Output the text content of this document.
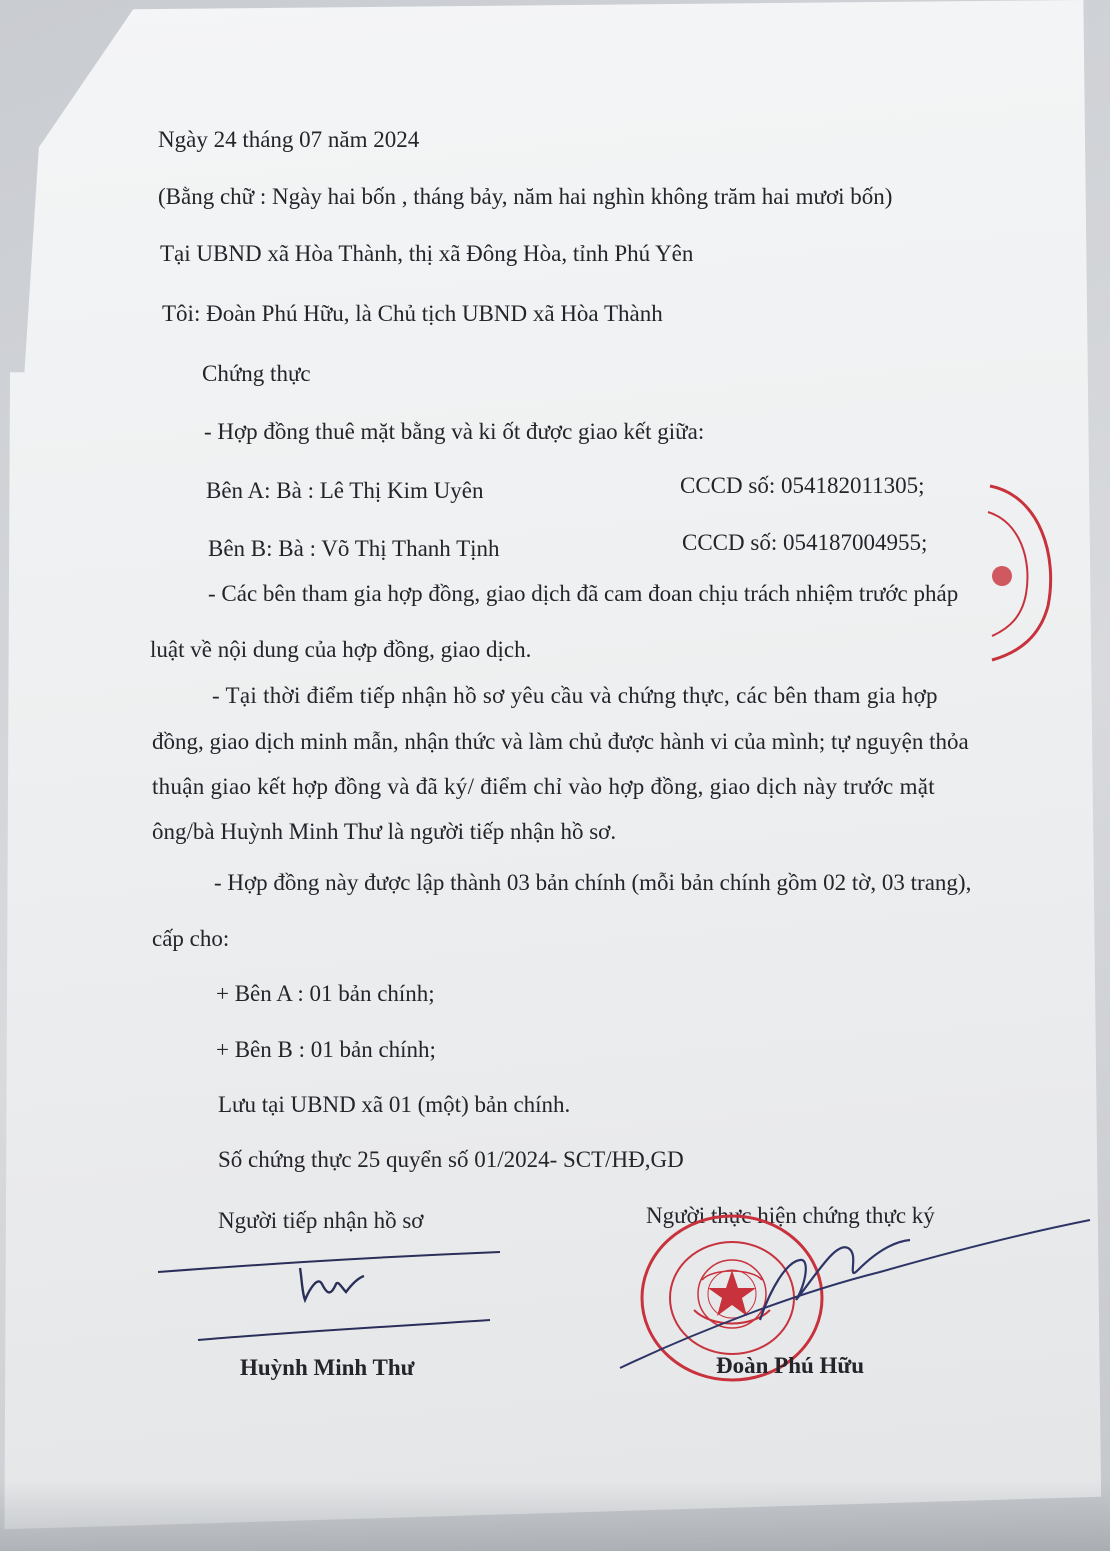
Ngày 24 tháng 07 năm 2024
(Bằng chữ : Ngày hai bốn , tháng bảy, năm hai nghìn không trăm hai mươi bốn)
Tại UBND xã Hòa Thành, thị xã Đông Hòa, tỉnh Phú Yên
Tôi: Đoàn Phú Hữu, là Chủ tịch UBND xã Hòa Thành
Chứng thực
- Hợp đồng thuê mặt bằng và ki ốt được giao kết giữa:
Bên A: Bà : Lê Thị Kim Uyên	CCCD số: 054182011305;
Bên B: Bà : Võ Thị Thanh Tịnh	CCCD số: 054187004955;
- Các bên tham gia hợp đồng, giao dịch đã cam đoan chịu trách nhiệm trước pháp
luật về nội dung của hợp đồng, giao dịch.
- Tại thời điểm tiếp nhận hồ sơ yêu cầu và chứng thực, các bên tham gia hợp
đồng, giao dịch minh mẫn, nhận thức và làm chủ được hành vi của mình; tự nguyện thỏa
thuận giao kết hợp đồng và đã ký/ điểm chỉ vào hợp đồng, giao dịch này trước mặt
ông/bà Huỳnh Minh Thư là người tiếp nhận hồ sơ.
- Hợp đồng này được lập thành 03 bản chính (mỗi bản chính gồm 02 tờ, 03 trang),
cấp cho:
+ Bên A : 01 bản chính;
+ Bên B : 01 bản chính;
Lưu tại UBND xã 01 (một) bản chính.
Số chứng thực 25 quyển số 01/2024- SCT/HĐ,GD
Người tiếp nhận hồ sơ	Người thực hiện chứng thực ký
Huỳnh Minh Thư	Đoàn Phú Hữu
